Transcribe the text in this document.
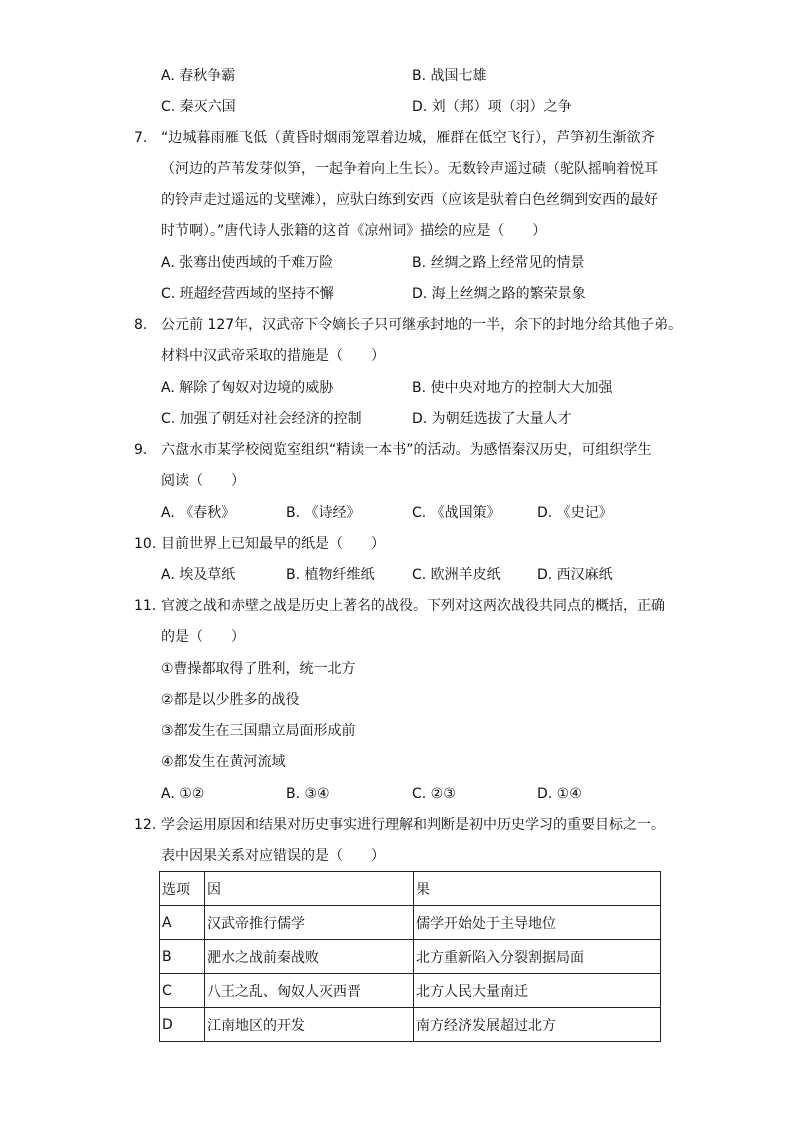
A. 春秋争霸	B. 战国七雄
C. 秦灭六国	D. 刘（邦）项（羽）之争
7. “边城暮雨雁飞低（黄昏时烟雨笼罩着边城，雁群在低空飞行），芦笋初生渐欲齐
（河边的芦苇发芽似笋，一起争着向上生长）。无数铃声遥过碛（驼队摇响着悦耳
的铃声走过遥远的戈壁滩），应驮白练到安西（应该是驮着白色丝绸到安西的最好
时节啊）。”唐代诗人张籍的这首《凉州词》描绘的应是（　　）
A. 张骞出使西域的千难万险	B. 丝绸之路上经常见的情景
C. 班超经营西域的坚持不懈	D. 海上丝绸之路的繁荣景象
8. 公元前 127年，汉武帝下令嫡长子只可继承封地的一半，余下的封地分给其他子弟。
材料中汉武帝采取的措施是（　　）
A. 解除了匈奴对边境的威胁	B. 使中央对地方的控制大大加强
C. 加强了朝廷对社会经济的控制	D. 为朝廷选拔了大量人才
9. 六盘水市某学校阅览室组织“精读一本书”的活动。为感悟秦汉历史，可组织学生
阅读（　　）
A. 《春秋》	B. 《诗经》	C. 《战国策》	D. 《史记》
10. 目前世界上已知最早的纸是（　　）
A. 埃及草纸	B. 植物纤维纸	C. 欧洲羊皮纸	D. 西汉麻纸
11. 官渡之战和赤壁之战是历史上著名的战役。下列对这两次战役共同点的概括，正确
的是（　　）
①曹操都取得了胜利，统一北方
②都是以少胜多的战役
③都发生在三国鼎立局面形成前
④都发生在黄河流域
A. ①②	B. ③④	C. ②③	D. ①④
12. 学会运用原因和结果对历史事实进行理解和判断是初中历史学习的重要目标之一。
表中因果关系对应错误的是（　　）
选项	因	果
A	汉武帝推行儒学	儒学开始处于主导地位
B	淝水之战前秦战败	北方重新陷入分裂割据局面
C	八王之乱、匈奴人灭西晋	北方人民大量南迁
D	江南地区的开发	南方经济发展超过北方
